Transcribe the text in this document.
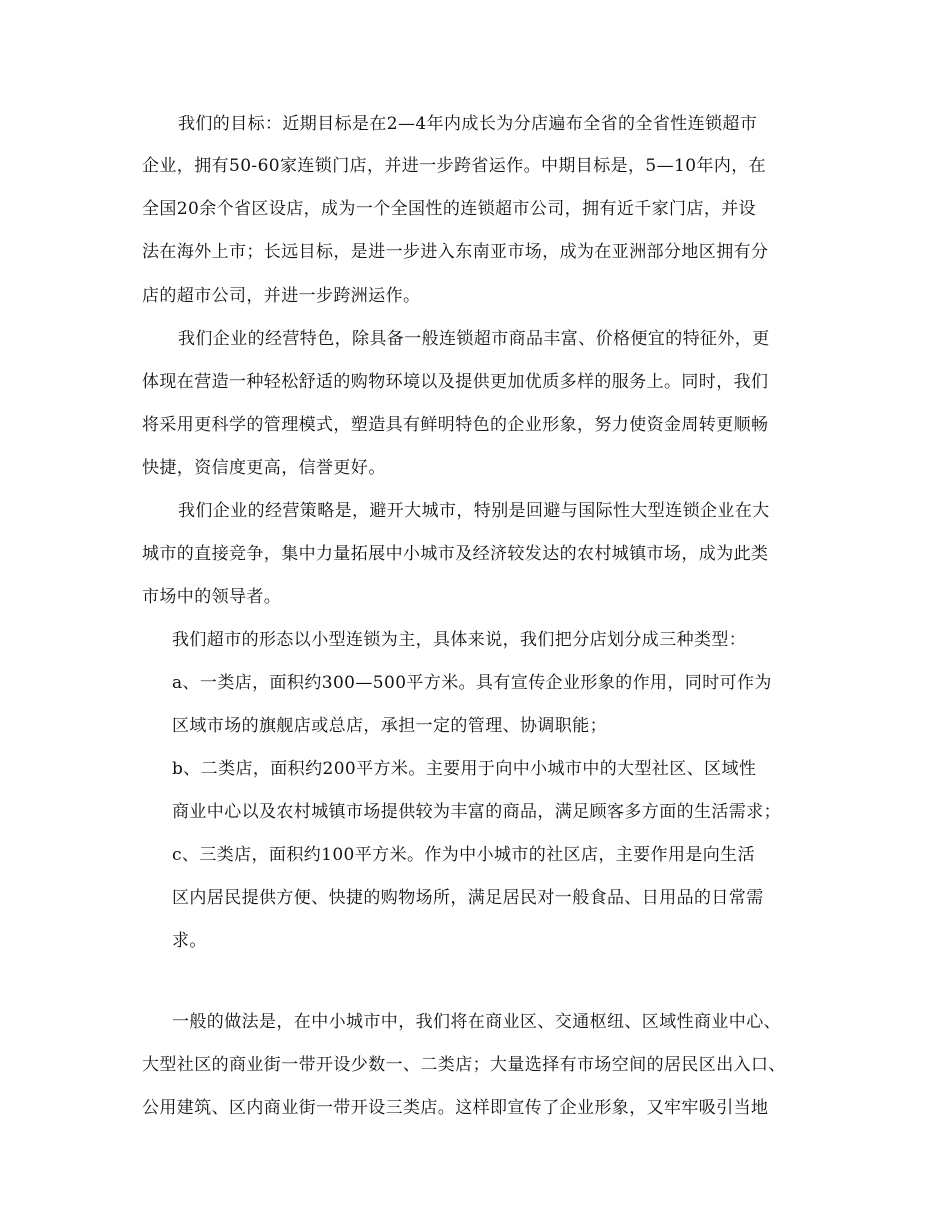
我们的目标：近期目标是在2—4年内成长为分店遍布全省的全省性连锁超市
企业，拥有50-60家连锁门店，并进一步跨省运作。中期目标是，5—10年内，在
全国20余个省区设店，成为一个全国性的连锁超市公司，拥有近千家门店，并设
法在海外上市；长远目标，是进一步进入东南亚市场，成为在亚洲部分地区拥有分
店的超市公司，并进一步跨洲运作。
我们企业的经营特色，除具备一般连锁超市商品丰富、价格便宜的特征外，更
体现在营造一种轻松舒适的购物环境以及提供更加优质多样的服务上。同时，我们
将采用更科学的管理模式，塑造具有鲜明特色的企业形象，努力使资金周转更顺畅
快捷，资信度更高，信誉更好。
我们企业的经营策略是，避开大城市，特别是回避与国际性大型连锁企业在大
城市的直接竞争，集中力量拓展中小城市及经济较发达的农村城镇市场，成为此类
市场中的领导者。
我们超市的形态以小型连锁为主，具体来说，我们把分店划分成三种类型：
a、一类店，面积约300—500平方米。具有宣传企业形象的作用，同时可作为
区域市场的旗舰店或总店，承担一定的管理、协调职能；
b、二类店，面积约200平方米。主要用于向中小城市中的大型社区、区域性
商业中心以及农村城镇市场提供较为丰富的商品，满足顾客多方面的生活需求；
c、三类店，面积约100平方米。作为中小城市的社区店，主要作用是向生活
区内居民提供方便、快捷的购物场所，满足居民对一般食品、日用品的日常需
求。
一般的做法是，在中小城市中，我们将在商业区、交通枢纽、区域性商业中心、
大型社区的商业街一带开设少数一、二类店；大量选择有市场空间的居民区出入口、
公用建筑、区内商业街一带开设三类店。这样即宣传了企业形象，又牢牢吸引当地
